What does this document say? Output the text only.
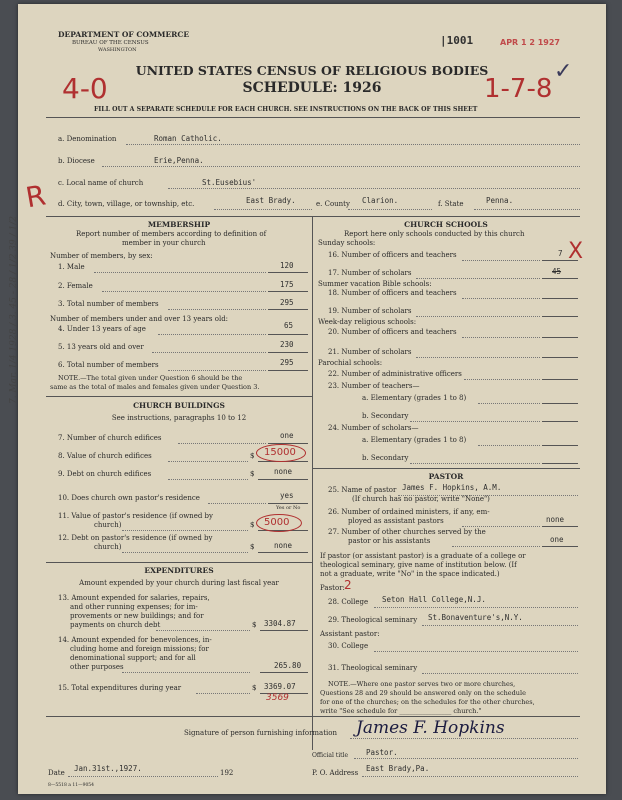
DEPARTMENT OF COMMERCE
BUREAU OF THE CENSUS
WASHINGTON
|1001	APR 1 2 1927
UNITED STATES CENSUS OF RELIGIOUS BODIES
SCHEDULE: 1926
FILL OUT A SEPARATE SCHEDULE FOR EACH CHURCH. SEE INSTRUCTIONS ON THE BACK OF THIS SHEET
4-0	1-7-8
✓
R
X
7. Mar. 1/4 1928 / 3. 45 - 28 / 1/2 39 / 1/2
a. Denomination	Roman Catholic.
b. Diocese	Erie,Penna.
c. Local name of church	St.Eusebius'
d. City, town, village, or township, etc.	East Brady.	e. County Clarion.	f. State	Penna.
MEMBERSHIP
Report number of members according to definition of
member in your church
Number of members, by sex:
1. Male	120
2. Female	175
3. Total number of members	295
Number of members under and over 13 years old:
4. Under 13 years of age	65
5. 13 years old and over	230
6. Total number of members	295
NOTE.—The total given under Question 6 should be the
same as the total of males and females given under Question 3.
CHURCH BUILDINGS
See instructions, paragraphs 10 to 12
7. Number of church edifices	one
8. Value of church edifices	$ 15000
9. Debt on church edifices	$	none
10. Does church own pastor's residence	yes
Yes or No
11. Value of pastor's residence (if owned by
church)	$ 5000
12. Debt on pastor's residence (if owned by
church)	$	none
EXPENDITURES
Amount expended by your church during last fiscal year
13. Amount expended for salaries, repairs,
and other running expenses; for im-
provements or new buildings; and for
payments on church debt	$ 3304.87
14. Amount expended for benevolences, in-
cluding home and foreign missions; for
denominational support; and for all
other purposes	265.80
15. Total expenditures during year	$ 3369.07
3569
CHURCH SCHOOLS
Report here only schools conducted by this church
Sunday schools:
16. Number of officers and teachers	7
17. Number of scholars	45
Summer vacation Bible schools:
18. Number of officers and teachers
19. Number of scholars
Week-day religious schools:
20. Number of officers and teachers
21. Number of scholars
Parochial schools:
22. Number of administrative officers
23. Number of teachers—
a. Elementary (grades 1 to 8)
b. Secondary
24. Number of scholars—
a. Elementary (grades 1 to 8)
b. Secondary
PASTOR
25. Name of pastor James F. Hopkins, A.M.
(If church has no pastor, write "None")
26. Number of ordained ministers, if any, em-
ployed as assistant pastors	none
27. Number of other churches served by the
pastor or his assistants	one
If pastor (or assistant pastor) is a graduate of a college or
theological seminary, give name of institution below. (If
not a graduate, write "No" in the space indicated.)
Pastor: 2
28. College Seton Hall College,N.J.
29. Theological seminary St.Bonaventure's,N.Y.
Assistant pastor:
30. College
31. Theological seminary
NOTE.—Where one pastor serves two or more churches,
Questions 28 and 29 should be answered only on the schedule
for one of the churches; on the schedules for the other churches,
write "See schedule for ________________ church."
Signature of person furnishing information James F. Hopkins
Official title Pastor.
Date Jan.31st.,1927.	192	P. O. Address East Brady,Pa.
8—5518 a 11—9054
